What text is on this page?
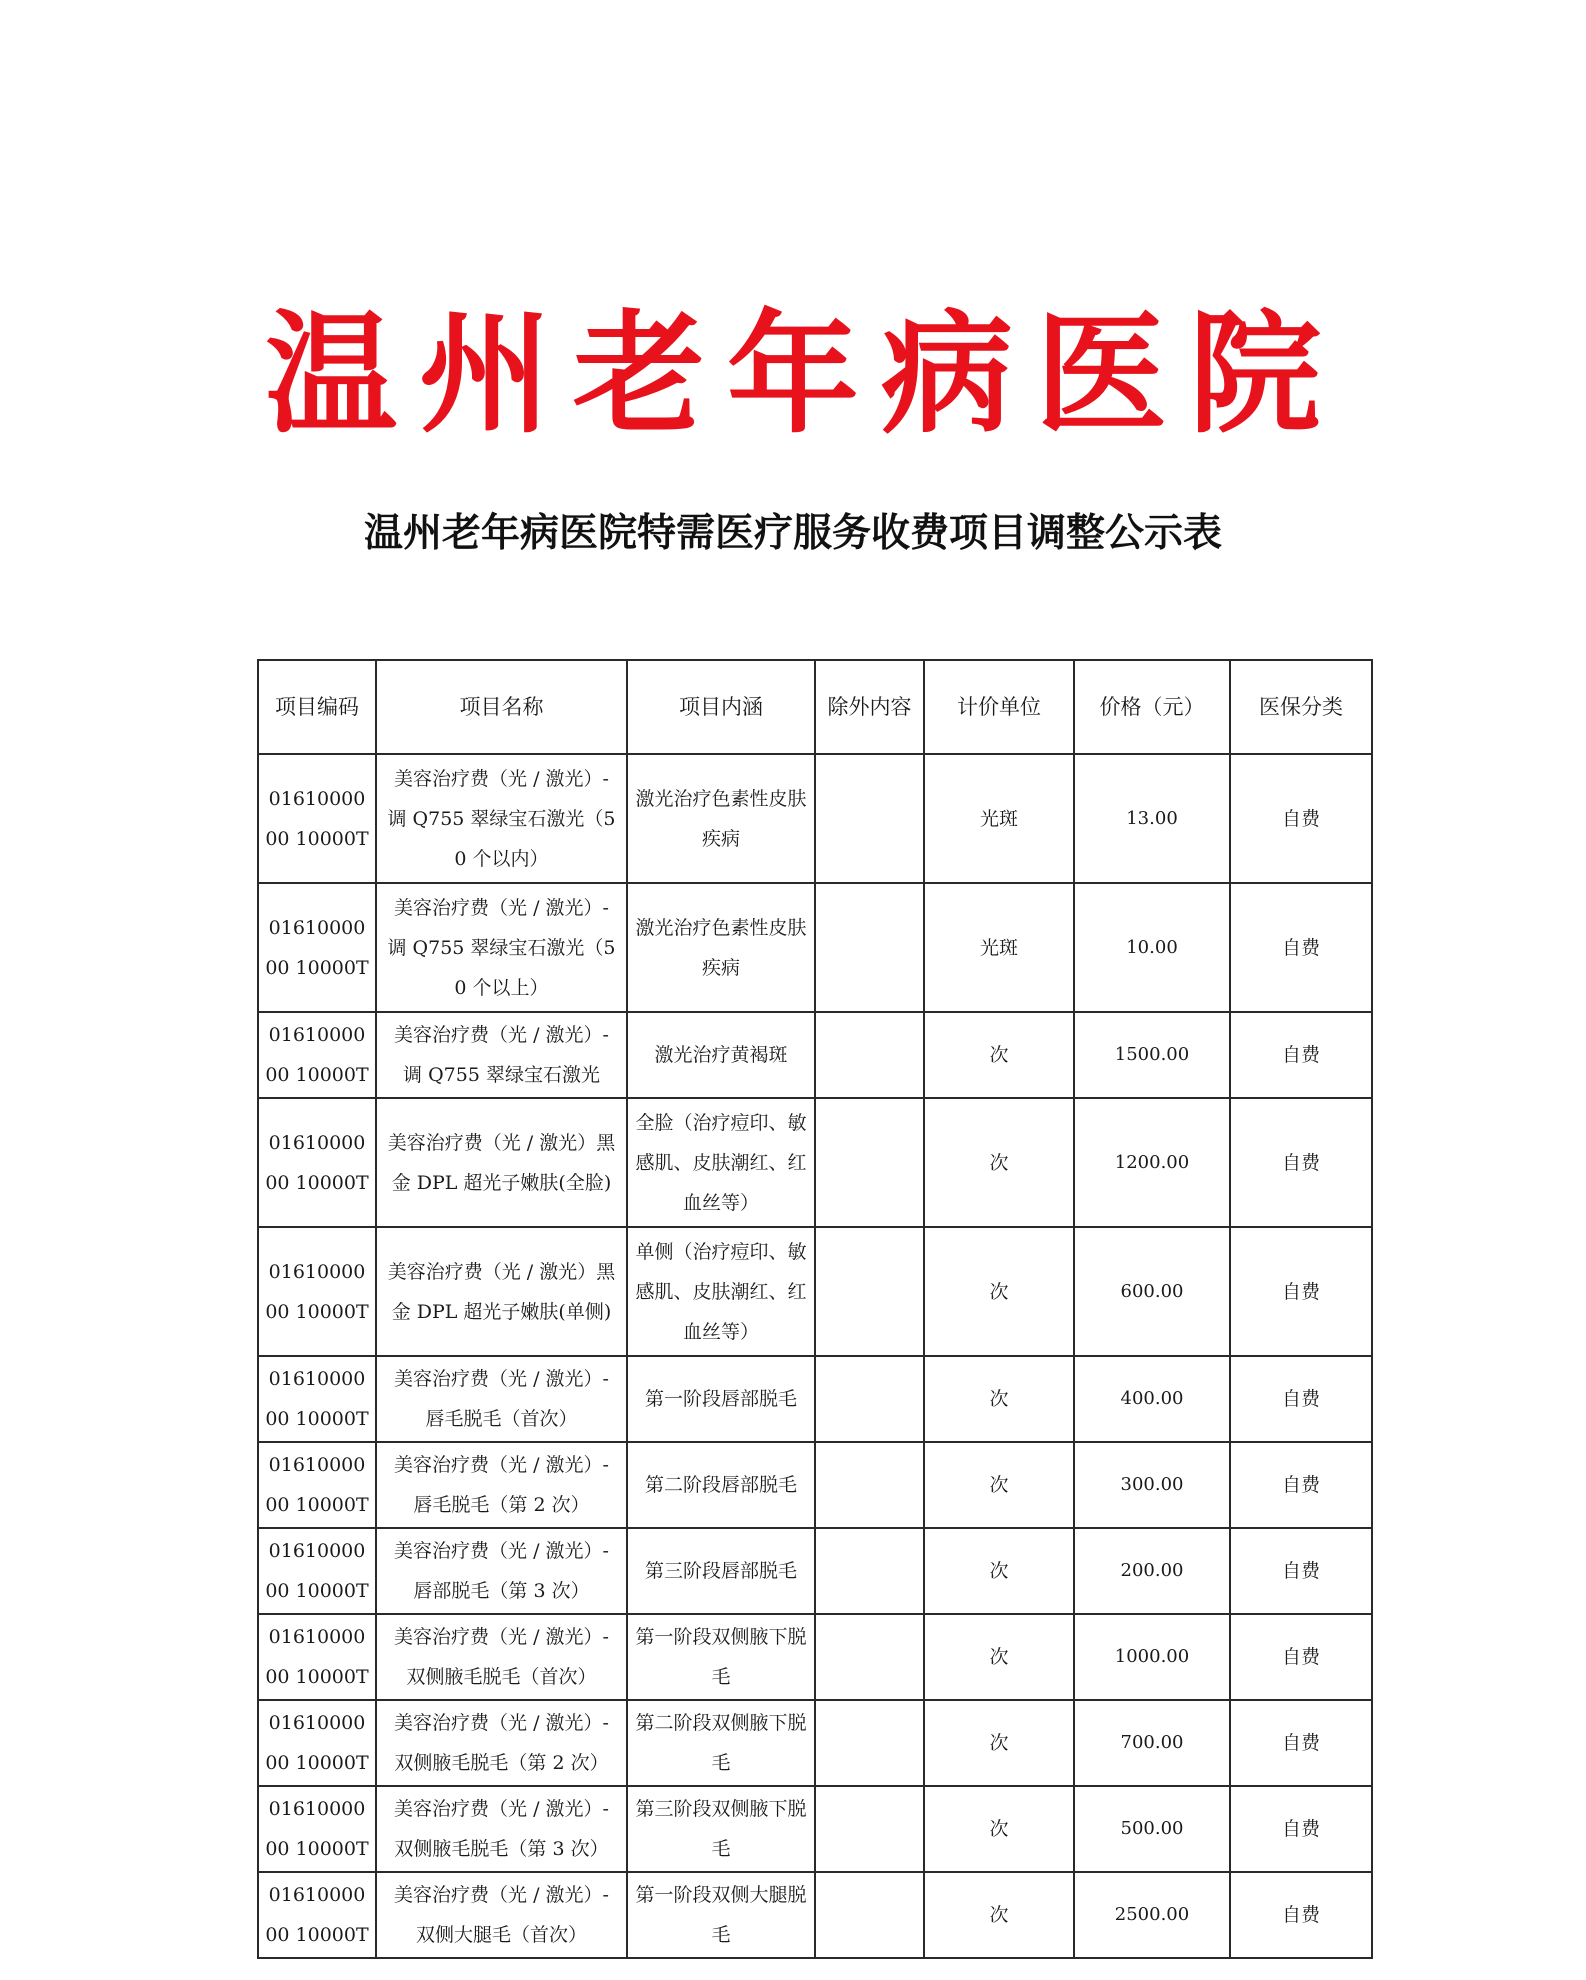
温州老年病医院
温州老年病医院特需医疗服务收费项目调整公示表
项目编码	项目名称	项目内涵	除外内容	计价单位	价格（元）	医保分类
0161000000 10000T	美容治疗费（光 / 激光）- 调 Q755 翠绿宝石激光（50 个以内）	激光治疗色素性皮肤疾病		光斑	13.00	自费
0161000000 10000T	美容治疗费（光 / 激光）- 调 Q755 翠绿宝石激光（50 个以上）	激光治疗色素性皮肤疾病		光斑	10.00	自费
0161000000 10000T	美容治疗费（光 / 激光）- 调 Q755 翠绿宝石激光	激光治疗黄褐斑		次	1500.00	自费
0161000000 10000T	美容治疗费（光 / 激光）黑金 DPL 超光子嫩肤(全脸)	全脸（治疗痘印、敏感肌、皮肤潮红、红血丝等）		次	1200.00	自费
0161000000 10000T	美容治疗费（光 / 激光）黑金 DPL 超光子嫩肤(单侧)	单侧（治疗痘印、敏感肌、皮肤潮红、红血丝等）		次	600.00	自费
0161000000 10000T	美容治疗费（光 / 激光）- 唇毛脱毛（首次）	第一阶段唇部脱毛		次	400.00	自费
0161000000 10000T	美容治疗费（光 / 激光）- 唇毛脱毛（第 2 次）	第二阶段唇部脱毛		次	300.00	自费
0161000000 10000T	美容治疗费（光 / 激光）- 唇部脱毛（第 3 次）	第三阶段唇部脱毛		次	200.00	自费
0161000000 10000T	美容治疗费（光 / 激光）- 双侧腋毛脱毛（首次）	第一阶段双侧腋下脱毛		次	1000.00	自费
0161000000 10000T	美容治疗费（光 / 激光）- 双侧腋毛脱毛（第 2 次）	第二阶段双侧腋下脱毛		次	700.00	自费
0161000000 10000T	美容治疗费（光 / 激光）- 双侧腋毛脱毛（第 3 次）	第三阶段双侧腋下脱毛		次	500.00	自费
0161000000 10000T	美容治疗费（光 / 激光）- 双侧大腿毛（首次）	第一阶段双侧大腿脱毛		次	2500.00	自费
